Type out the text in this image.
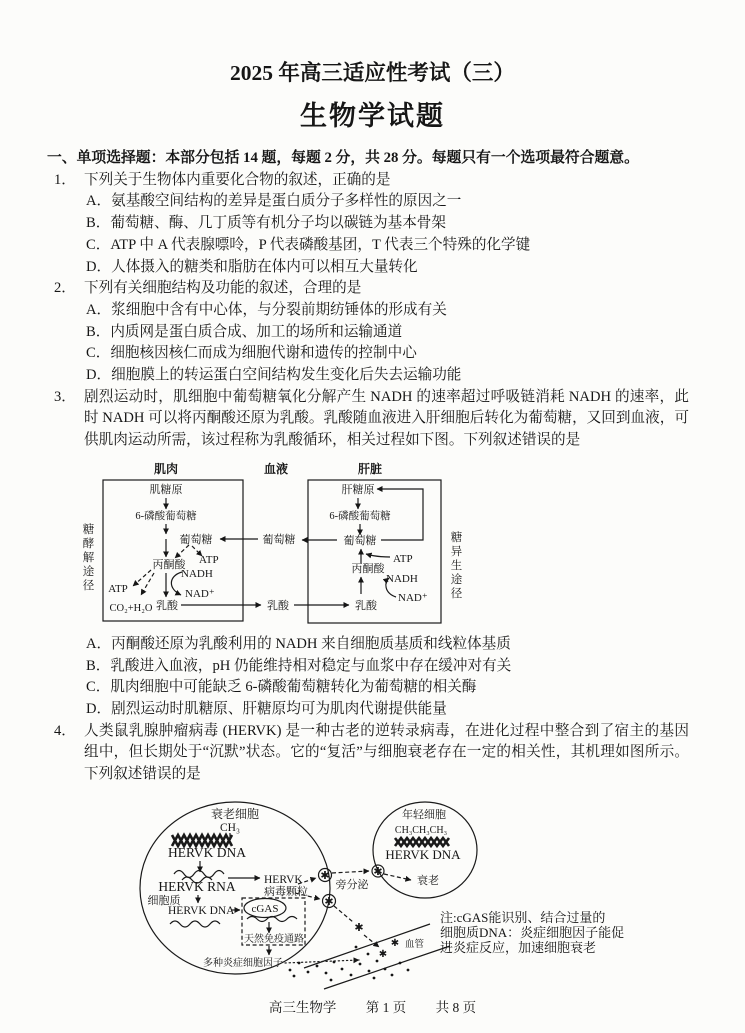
2025 年高三适应性考试（三）
生物学试题
一、单项选择题：本部分包括 14 题，每题 2 分，共 28 分。每题只有一个选项最符合题意。
1． 下列关于生物体内重要化合物的叙述，正确的是
A．氨基酸空间结构的差异是蛋白质分子多样性的原因之一
B．葡萄糖、酶、几丁质等有机分子均以碳链为基本骨架
C．ATP 中 A 代表腺嘌呤，P 代表磷酸基团，T 代表三个特殊的化学键
D．人体摄入的糖类和脂肪在体内可以相互大量转化
2． 下列有关细胞结构及功能的叙述，合理的是
A．浆细胞中含有中心体，与分裂前期纺锤体的形成有关
B．内质网是蛋白质合成、加工的场所和运输通道
C．细胞核因核仁而成为细胞代谢和遗传的控制中心
D．细胞膜上的转运蛋白空间结构发生变化后失去运输功能
3． 剧烈运动时，肌细胞中葡萄糖氧化分解产生 NADH 的速率超过呼吸链消耗 NADH 的速率，此时 NADH 可以将丙酮酸还原为乳酸。乳酸随血液进入肝细胞后转化为葡萄糖，又回到血液，可供肌肉运动所需，该过程称为乳酸循环，相关过程如下图。下列叙述错误的是
肌肉	血液	肝脏
肌糖原
6-磷酸葡萄糖
葡萄糖
ATP
丙酮酸
NADH
NAD⁺
ATP
CO₂+H₂O 乳酸
葡萄糖
乳酸
肝糖原
6-磷酸葡萄糖
葡萄糖
ATP
丙酮酸
NADH
NAD⁺
乳酸
糖酵解途径
糖异生途径
A．丙酮酸还原为乳酸利用的 NADH 来自细胞质基质和线粒体基质
B．乳酸进入血液，pH 仍能维持相对稳定与血浆中存在缓冲对有关
C．肌肉细胞中可能缺乏 6-磷酸葡萄糖转化为葡萄糖的相关酶
D．剧烈运动时肌糖原、肝糖原均可为肌肉代谢提供能量
4． 人类鼠乳腺肿瘤病毒 (HERVK) 是一种古老的逆转录病毒，在进化过程中整合到了宿主的基因组中，但长期处于“沉默”状态。它的“复活”与细胞衰老存在一定的相关性，其机理如图所示。下列叙述错误的是
衰老细胞
CH₃
HERVK DNA
HERVK RNA HERVK
病毒颗粒
细胞质
HERVK DNA cGAS
天然免疫通路
多种炎症细胞因子
旁分泌
年轻细胞
CH₃CH₃CH₃
HERVK DNA
衰老
血管
✱
✱
✱
✱
✱
✱
注:cGAS能识别、结合过量的
细胞质DNA：炎症细胞因子能促
进炎症反应，加速细胞衰老
高三生物学 第 1 页 共 8 页
